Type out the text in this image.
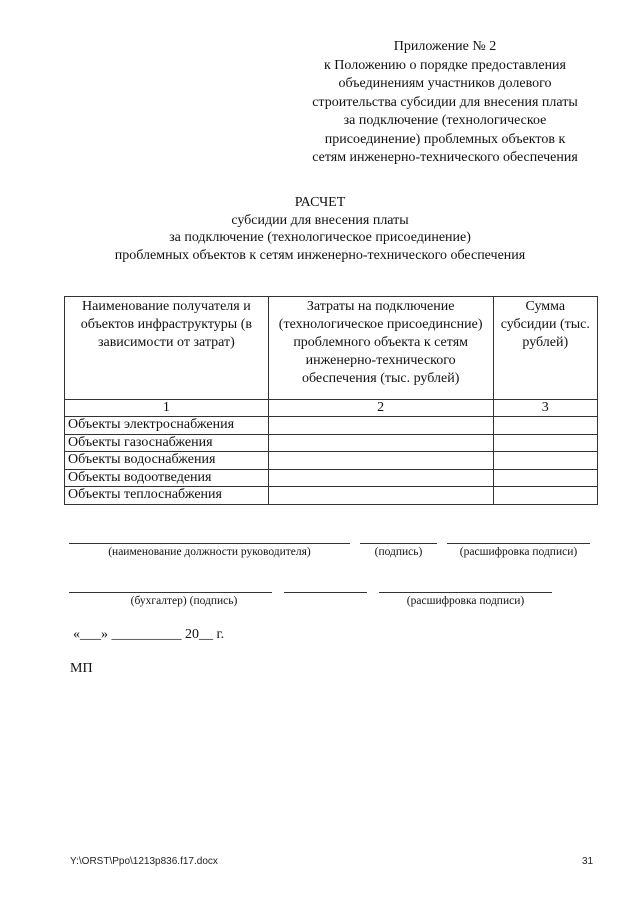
Приложение № 2
к Положению о порядке предоставления
объединениям участников долевого
строительства субсидии для внесения платы
за подключение (технологическое
присоединение) проблемных объектов к
сетям инженерно-технического обеспечения
РАСЧЕТ
субсидии для внесения платы
за подключение (технологическое присоединение)
проблемных объектов к сетям инженерно-технического обеспечения
Наименование получателя и объектов инфраструктуры (в зависимости от затрат)	Затраты на подключение (технологическое присоединсние) проблемного объекта к сетям инженерно-технического обеспечения (тыс. рублей)	Сумма субсидии (тыс. рублей)
1	2	3
Объекты электроснабжения		
Объекты газоснабжения		
Объекты водоснабжения		
Объекты водоотведения		
Объекты теплоснабжения		
(наименование должности руководителя)	(подпись)	(расшифровка подписи)
(бухгалтер) (подпись)	(расшифровка подписи)
«___» __________ 20__ г.
МП
Y:\ORST\Ppo\1213p836.f17.docx	31
